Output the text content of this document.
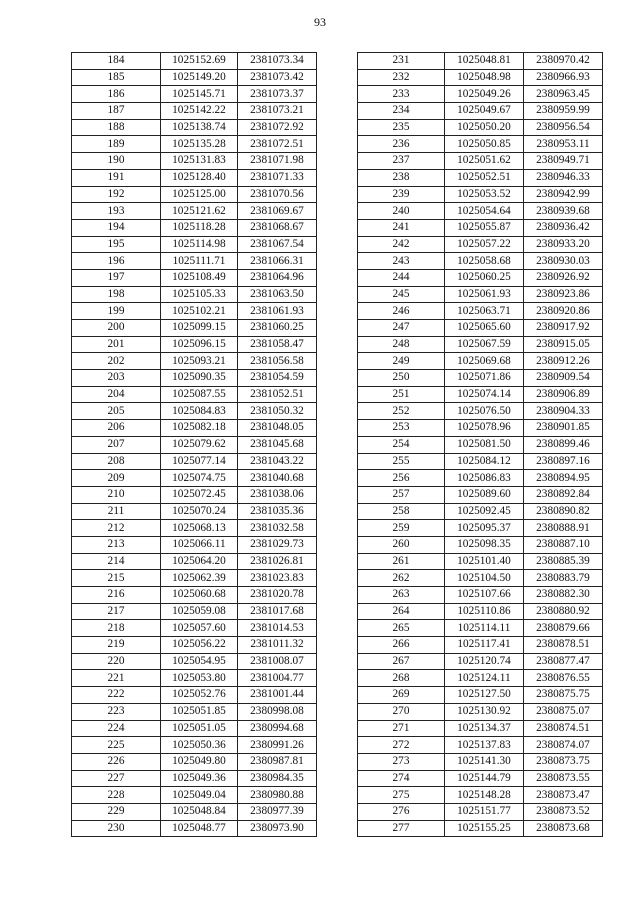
93
184	1025152.69	2381073.34
185	1025149.20	2381073.42
186	1025145.71	2381073.37
187	1025142.22	2381073.21
188	1025138.74	2381072.92
189	1025135.28	2381072.51
190	1025131.83	2381071.98
191	1025128.40	2381071.33
192	1025125.00	2381070.56
193	1025121.62	2381069.67
194	1025118.28	2381068.67
195	1025114.98	2381067.54
196	1025111.71	2381066.31
197	1025108.49	2381064.96
198	1025105.33	2381063.50
199	1025102.21	2381061.93
200	1025099.15	2381060.25
201	1025096.15	2381058.47
202	1025093.21	2381056.58
203	1025090.35	2381054.59
204	1025087.55	2381052.51
205	1025084.83	2381050.32
206	1025082.18	2381048.05
207	1025079.62	2381045.68
208	1025077.14	2381043.22
209	1025074.75	2381040.68
210	1025072.45	2381038.06
211	1025070.24	2381035.36
212	1025068.13	2381032.58
213	1025066.11	2381029.73
214	1025064.20	2381026.81
215	1025062.39	2381023.83
216	1025060.68	2381020.78
217	1025059.08	2381017.68
218	1025057.60	2381014.53
219	1025056.22	2381011.32
220	1025054.95	2381008.07
221	1025053.80	2381004.77
222	1025052.76	2381001.44
223	1025051.85	2380998.08
224	1025051.05	2380994.68
225	1025050.36	2380991.26
226	1025049.80	2380987.81
227	1025049.36	2380984.35
228	1025049.04	2380980.88
229	1025048.84	2380977.39
230	1025048.77	2380973.90
231	1025048.81	2380970.42
232	1025048.98	2380966.93
233	1025049.26	2380963.45
234	1025049.67	2380959.99
235	1025050.20	2380956.54
236	1025050.85	2380953.11
237	1025051.62	2380949.71
238	1025052.51	2380946.33
239	1025053.52	2380942.99
240	1025054.64	2380939.68
241	1025055.87	2380936.42
242	1025057.22	2380933.20
243	1025058.68	2380930.03
244	1025060.25	2380926.92
245	1025061.93	2380923.86
246	1025063.71	2380920.86
247	1025065.60	2380917.92
248	1025067.59	2380915.05
249	1025069.68	2380912.26
250	1025071.86	2380909.54
251	1025074.14	2380906.89
252	1025076.50	2380904.33
253	1025078.96	2380901.85
254	1025081.50	2380899.46
255	1025084.12	2380897.16
256	1025086.83	2380894.95
257	1025089.60	2380892.84
258	1025092.45	2380890.82
259	1025095.37	2380888.91
260	1025098.35	2380887.10
261	1025101.40	2380885.39
262	1025104.50	2380883.79
263	1025107.66	2380882.30
264	1025110.86	2380880.92
265	1025114.11	2380879.66
266	1025117.41	2380878.51
267	1025120.74	2380877.47
268	1025124.11	2380876.55
269	1025127.50	2380875.75
270	1025130.92	2380875.07
271	1025134.37	2380874.51
272	1025137.83	2380874.07
273	1025141.30	2380873.75
274	1025144.79	2380873.55
275	1025148.28	2380873.47
276	1025151.77	2380873.52
277	1025155.25	2380873.68
